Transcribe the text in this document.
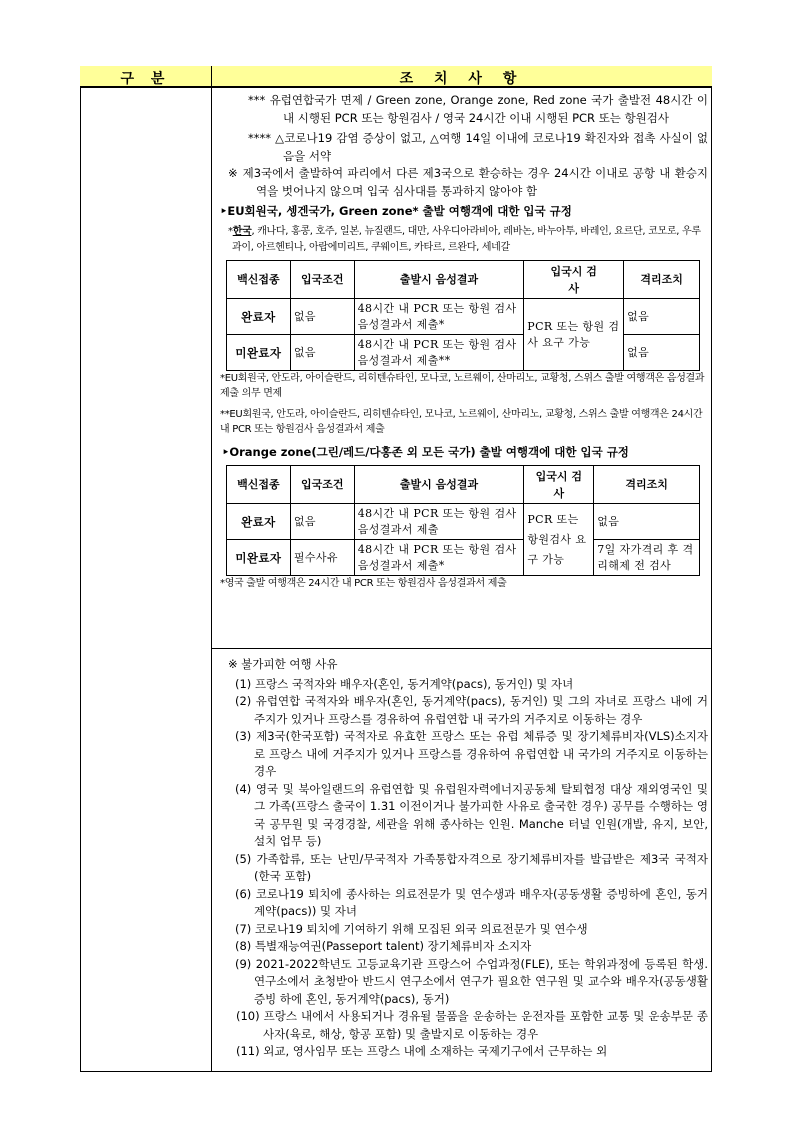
구 분	조 치 사 항
*** 유럽연합국가 면제 / Green zone, Orange zone, Red zone 국가 출발전 48시간 이내 시행된 PCR 또는 항원검사 / 영국 24시간 이내 시행된 PCR 또는 항원검사
**** △코로나19 감염 증상이 없고, △여행 14일 이내에 코로나19 확진자와 접촉 사실이 없음을 서약
※ 제3국에서 출발하여 파리에서 다른 제3국으로 환승하는 경우 24시간 이내로 공항 내 환승지역을 벗어나지 않으며 입국 심사대를 통과하지 않아야 함
‣EU회원국, 셍겐국가, Green zone* 출발 여행객에 대한 입국 규정
*한국, 캐나다, 홍콩, 호주, 일본, 뉴질랜드, 대만, 사우디아라비아, 레바논, 바누아투, 바레인, 요르단, 코모로, 우루과이, 아르헨티나, 아랍에미리트, 쿠웨이트, 카타르, 르완다, 세네갈
백신접종	입국조건	출발시 음성결과	입국시 검사	격리조치
완료자	없음	48시간 내 PCR 또는 항원 검사 음성결과서 제출*	PCR 또는 항원 검사 요구 가능	없음
미완료자	없음	48시간 내 PCR 또는 항원 검사 음성결과서 제출**		없음
*EU회원국, 안도라, 아이슬란드, 리히텐슈타인, 모나코, 노르웨이, 산마리노, 교황청, 스위스 출발 여행객은 음성결과 제출 의무 면제
**EU회원국, 안도라, 아이슬란드, 리히텐슈타인, 모나코, 노르웨이, 산마리노, 교황청, 스위스 출발 여행객은 24시간 내 PCR 또는 항원검사 음성결과서 제출
‣Orange zone(그린/레드/다홍존 외 모든 국가) 출발 여행객에 대한 입국 규정
백신접종	입국조건	출발시 음성결과	입국시 검사	격리조치
완료자	없음	48시간 내 PCR 또는 항원 검사 음성결과서 제출	PCR 또는 항원검사 요구 가능	없음
미완료자	필수사유	48시간 내 PCR 또는 항원 검사 음성결과서 제출*		7일 자가격리 후 격리해제 전 검사
*영국 출발 여행객은 24시간 내 PCR 또는 항원검사 음성결과서 제출
※ 불가피한 여행 사유
(1) 프랑스 국적자와 배우자(혼인, 동거계약(pacs), 동거인) 및 자녀
(2) 유럽연합 국적자와 배우자(혼인, 동거계약(pacs), 동거인) 및 그의 자녀로 프랑스 내에 거주지가 있거나 프랑스를 경유하여 유럽연합 내 국가의 거주지로 이동하는 경우
(3) 제3국(한국포함) 국적자로 유효한 프랑스 또는 유럽 체류증 및 장기체류비자(VLS)소지자로 프랑스 내에 거주지가 있거나 프랑스를 경유하여 유럽연합 내 국가의 거주지로 이동하는 경우
(4) 영국 및 북아일랜드의 유럽연합 및 유럽원자력에너지공동체 탈퇴협정 대상 재외영국인 및 그 가족(프랑스 출국이 1.31 이전이거나 불가피한 사유로 출국한 경우) 공무를 수행하는 영국 공무원 및 국경경찰, 세관을 위해 종사하는 인원. Manche 터널 인원(개발, 유지, 보안, 설치 업무 등)
(5) 가족합류, 또는 난민/무국적자 가족통합자격으로 장기체류비자를 발급받은 제3국 국적자(한국 포함)
(6) 코로나19 퇴치에 종사하는 의료전문가 및 연수생과 배우자(공동생활 증빙하에 혼인, 동거계약(pacs)) 및 자녀
(7) 코로나19 퇴치에 기여하기 위해 모집된 외국 의료전문가 및 연수생
(8) 특별재능여권(Passeport talent) 장기체류비자 소지자
(9) 2021-2022학년도 고등교육기관 프랑스어 수업과정(FLE), 또는 학위과정에 등록된 학생. 연구소에서 초청받아 반드시 연구소에서 연구가 필요한 연구원 및 교수와 배우자(공동생활 증빙 하에 혼인, 동거계약(pacs), 동거)
(10) 프랑스 내에서 사용되거나 경유될 물품을 운송하는 운전자를 포함한 교통 및 운송부문 종사자(육로, 해상, 항공 포함) 및 출발지로 이동하는 경우
(11) 외교, 영사임무 또는 프랑스 내에 소재하는 국제기구에서 근무하는 외
